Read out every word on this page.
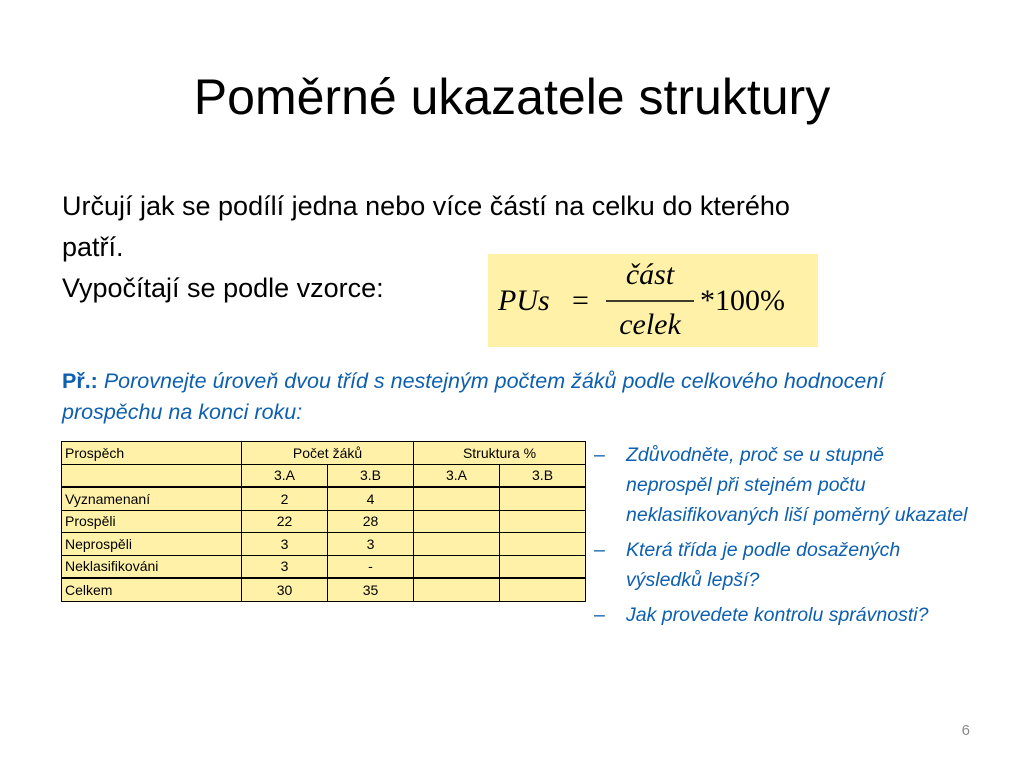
Poměrné ukazatele struktury
Určují jak se podílí jedna nebo více částí na celku do kterého
patří.
Vypočítají se podle vzorce:	PUs =
část
celek
*100%
Př.: Porovnejte úroveň dvou tříd s nestejným počtem žáků podle celkového hodnocení prospěchu na konci roku:
Prospěch	Počet žáků		Struktura %	
	3.A	3.B	3.A	3.B
Vyznamenaní	2	4		
Prospěli	22	28		
Neprospěli	3	3		
Neklasifikováni	3	-		
Celkem	30	35		
– Zdůvodněte, proč se u stupně neprospěl při stejném počtu neklasifikovaných liší poměrný ukazatel
– Která třída je podle dosažených výsledků lepší?
– Jak provedete kontrolu správnosti?
6
